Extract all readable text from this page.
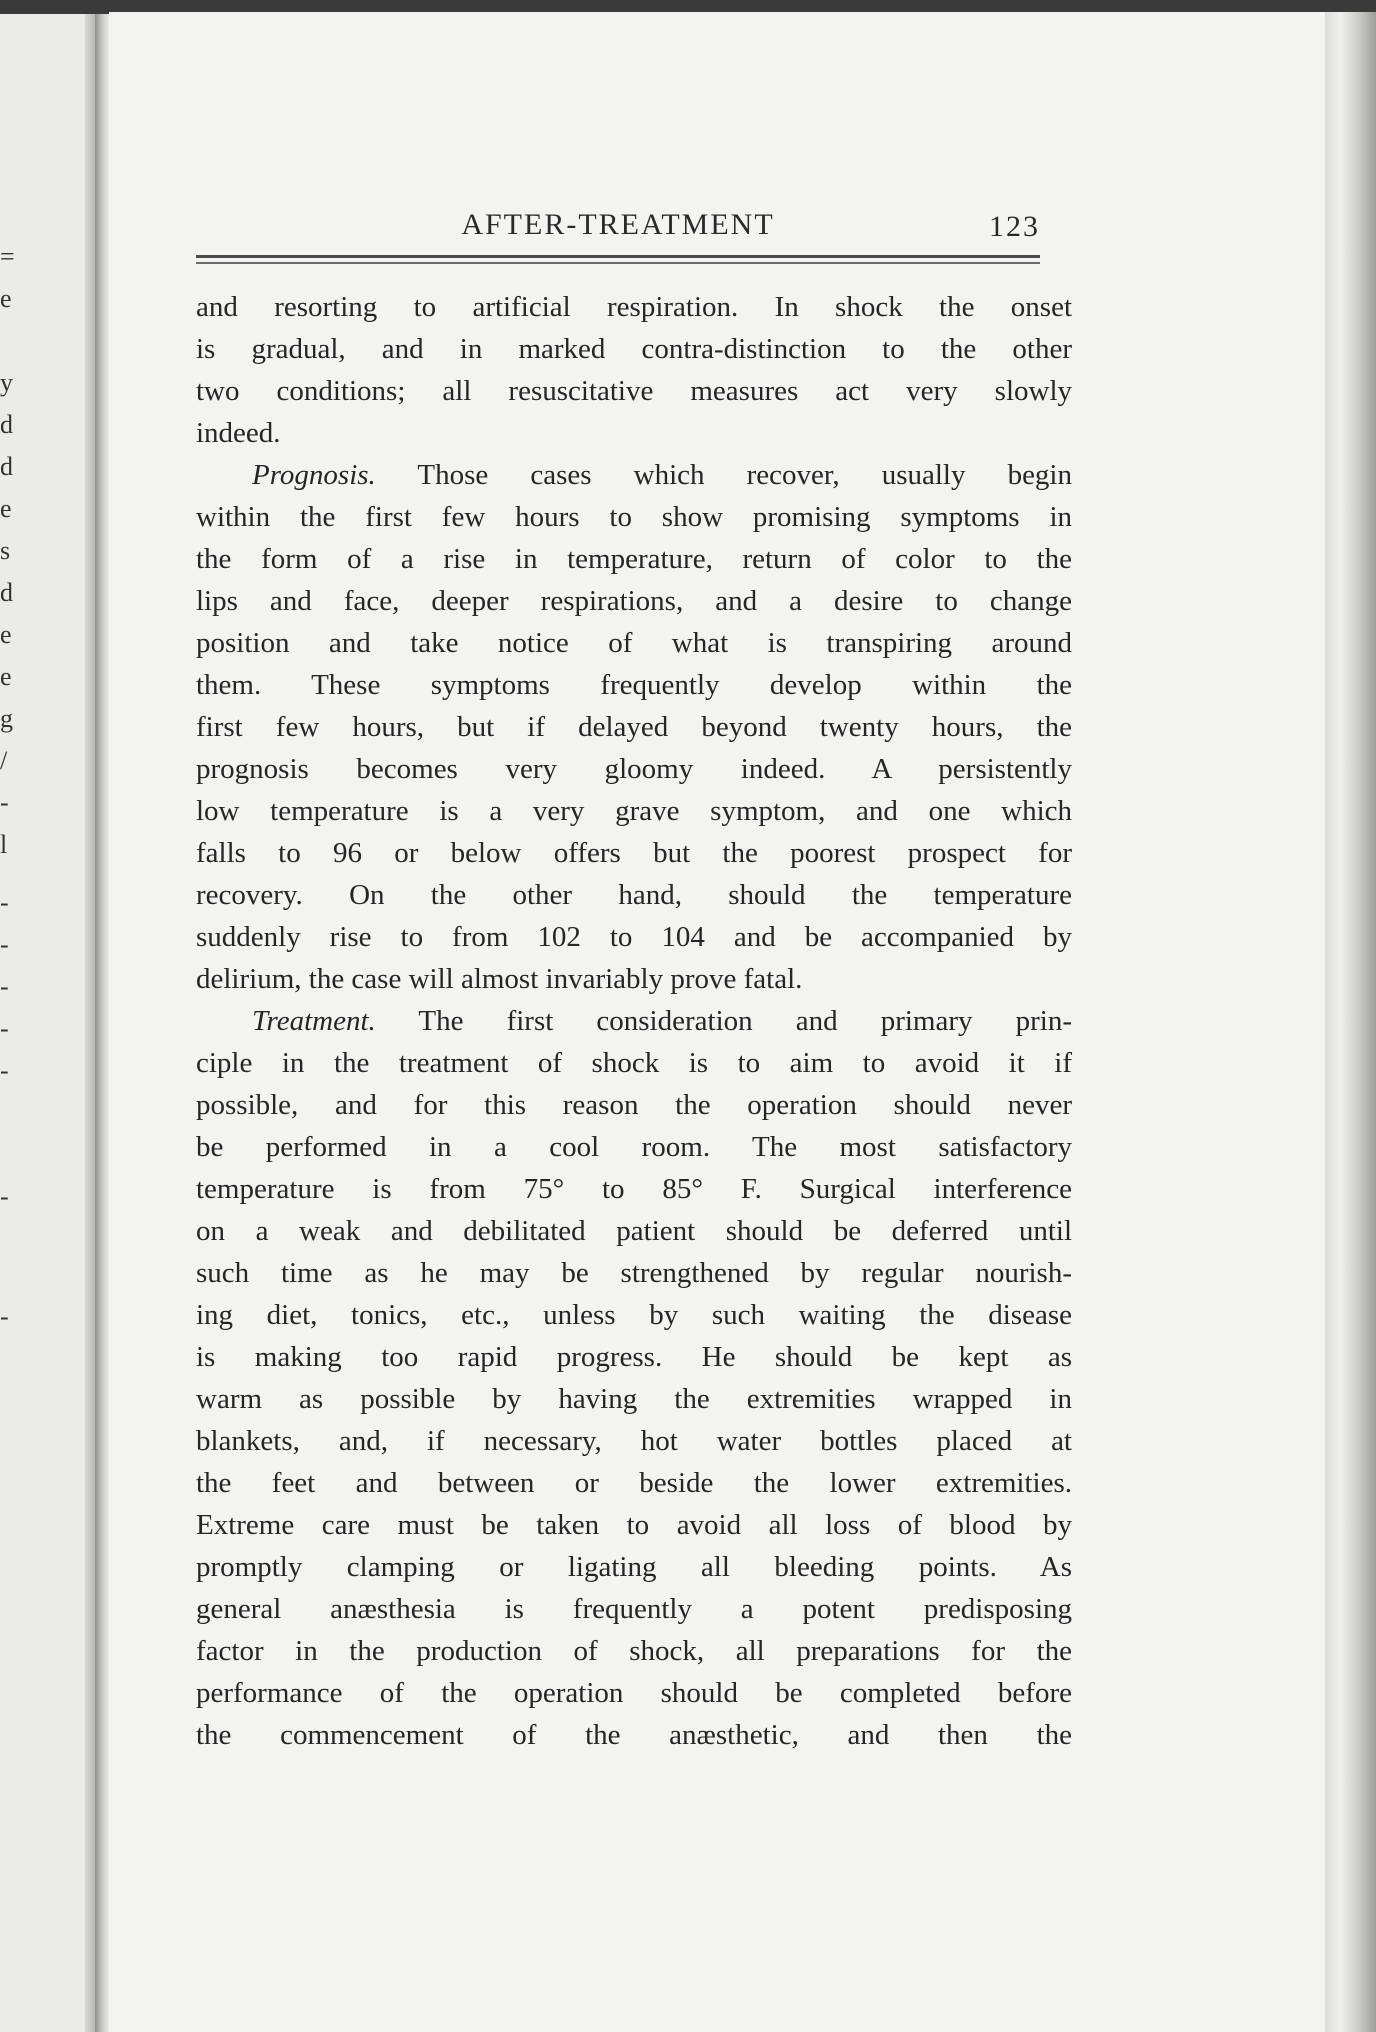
=
e
y
d
d
e
s
d
e
e
g
/
-
l
-
-
-
-
-
-
-
AFTER-TREATMENT	123
and resorting to artificial respiration. In shock the onset
is gradual, and in marked contra-distinction to the other
two conditions; all resuscitative measures act very slowly
indeed.
Prognosis. Those cases which recover, usually begin
within the first few hours to show promising symptoms in
the form of a rise in temperature, return of color to the
lips and face, deeper respirations, and a desire to change
position and take notice of what is transpiring around
them. These symptoms frequently develop within the
first few hours, but if delayed beyond twenty hours, the
prognosis becomes very gloomy indeed. A persistently
low temperature is a very grave symptom, and one which
falls to 96 or below offers but the poorest prospect for
recovery. On the other hand, should the temperature
suddenly rise to from 102 to 104 and be accompanied by
delirium, the case will almost invariably prove fatal.
Treatment. The first consideration and primary prin-
ciple in the treatment of shock is to aim to avoid it if
possible, and for this reason the operation should never
be performed in a cool room. The most satisfactory
temperature is from 75° to 85° F. Surgical interference
on a weak and debilitated patient should be deferred until
such time as he may be strengthened by regular nourish-
ing diet, tonics, etc., unless by such waiting the disease
is making too rapid progress. He should be kept as
warm as possible by having the extremities wrapped in
blankets, and, if necessary, hot water bottles placed at
the feet and between or beside the lower extremities.
Extreme care must be taken to avoid all loss of blood by
promptly clamping or ligating all bleeding points. As
general anæsthesia is frequently a potent predisposing
factor in the production of shock, all preparations for the
performance of the operation should be completed before
the commencement of the anæsthetic, and then the
